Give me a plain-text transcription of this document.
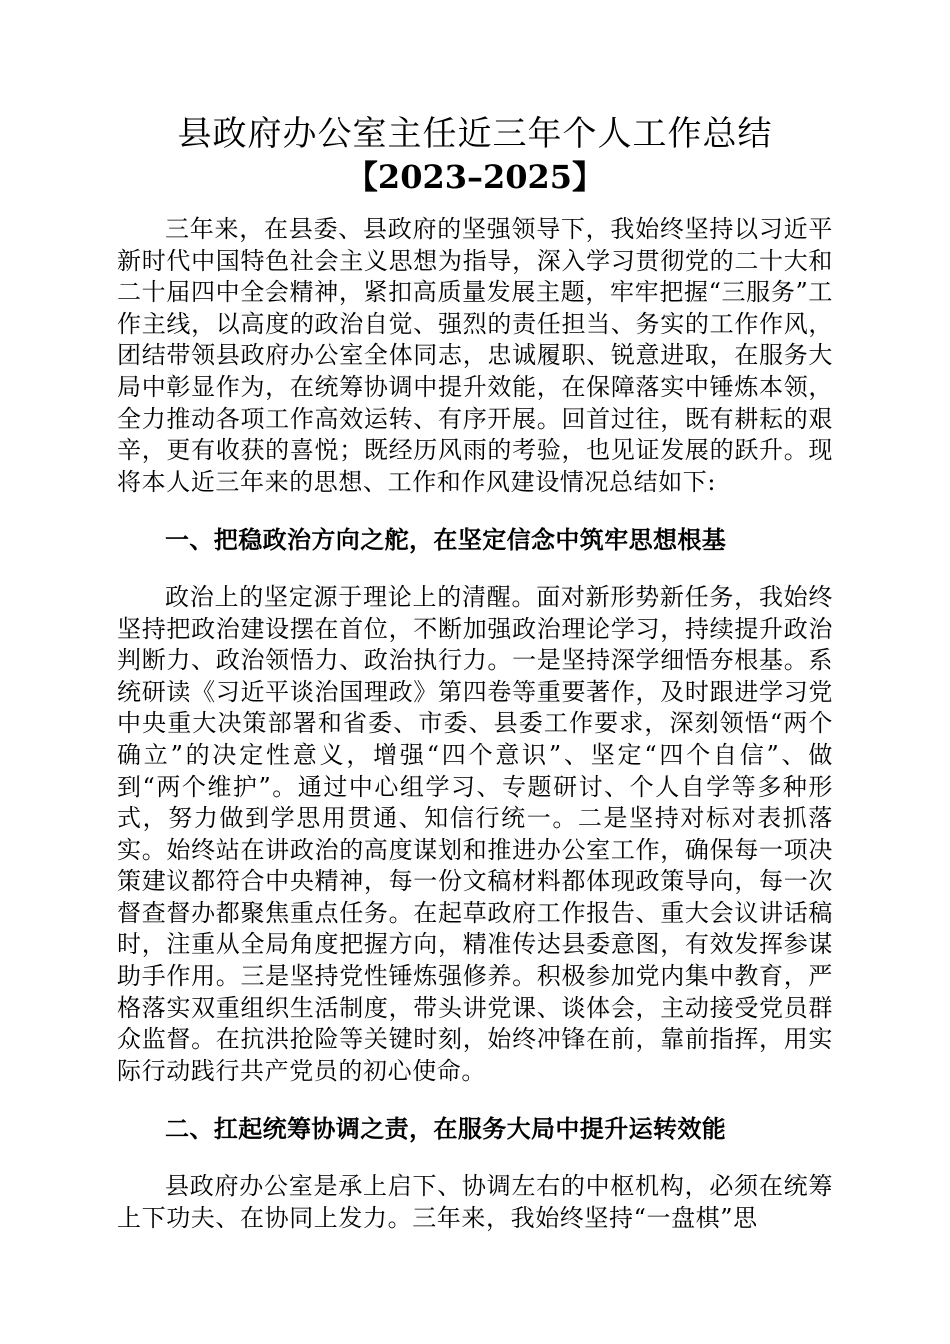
县政府办公室主任近三年个人工作总结
【2023–2025】

三年来，在县委、县政府的坚强领导下，我始终坚持以习近平新时代中国特色社会主义思想为指导，深入学习贯彻党的二十大和二十届四中全会精神，紧扣高质量发展主题，牢牢把握“三服务”工作主线，以高度的政治自觉、强烈的责任担当、务实的工作作风，团结带领县政府办公室全体同志，忠诚履职、锐意进取，在服务大局中彰显作为，在统筹协调中提升效能，在保障落实中锤炼本领，全力推动各项工作高效运转、有序开展。回首过往，既有耕耘的艰辛，更有收获的喜悦；既经历风雨的考验，也见证发展的跃升。现将本人近三年来的思想、工作和作风建设情况总结如下:

一、把稳政治方向之舵，在坚定信念中筑牢思想根基

政治上的坚定源于理论上的清醒。面对新形势新任务，我始终坚持把政治建设摆在首位，不断加强政治理论学习，持续提升政治判断力、政治领悟力、政治执行力。一是坚持深学细悟夯根基。系统研读《习近平谈治国理政》第四卷等重要著作，及时跟进学习党中央重大决策部署和省委、市委、县委工作要求，深刻领悟“两个确立”的决定性意义，增强“四个意识”、坚定“四个自信”、做到“两个维护”。通过中心组学习、专题研讨、个人自学等多种形式，努力做到学思用贯通、知信行统一。二是坚持对标对表抓落实。始终站在讲政治的高度谋划和推进办公室工作，确保每一项决策建议都符合中央精神，每一份文稿材料都体现政策导向，每一次督查督办都聚焦重点任务。在起草政府工作报告、重大会议讲话稿时，注重从全局角度把握方向，精准传达县委意图，有效发挥参谋助手作用。三是坚持党性锤炼强修养。积极参加党内集中教育，严格落实双重组织生活制度，带头讲党课、谈体会，主动接受党员群众监督。在抗洪抢险等关键时刻，始终冲锋在前，靠前指挥，用实际行动践行共产党员的初心使命。

二、扛起统筹协调之责，在服务大局中提升运转效能

县政府办公室是承上启下、协调左右的中枢机构，必须在统筹上下功夫、在协同上发力。三年来，我始终坚持“一盘棋”思
